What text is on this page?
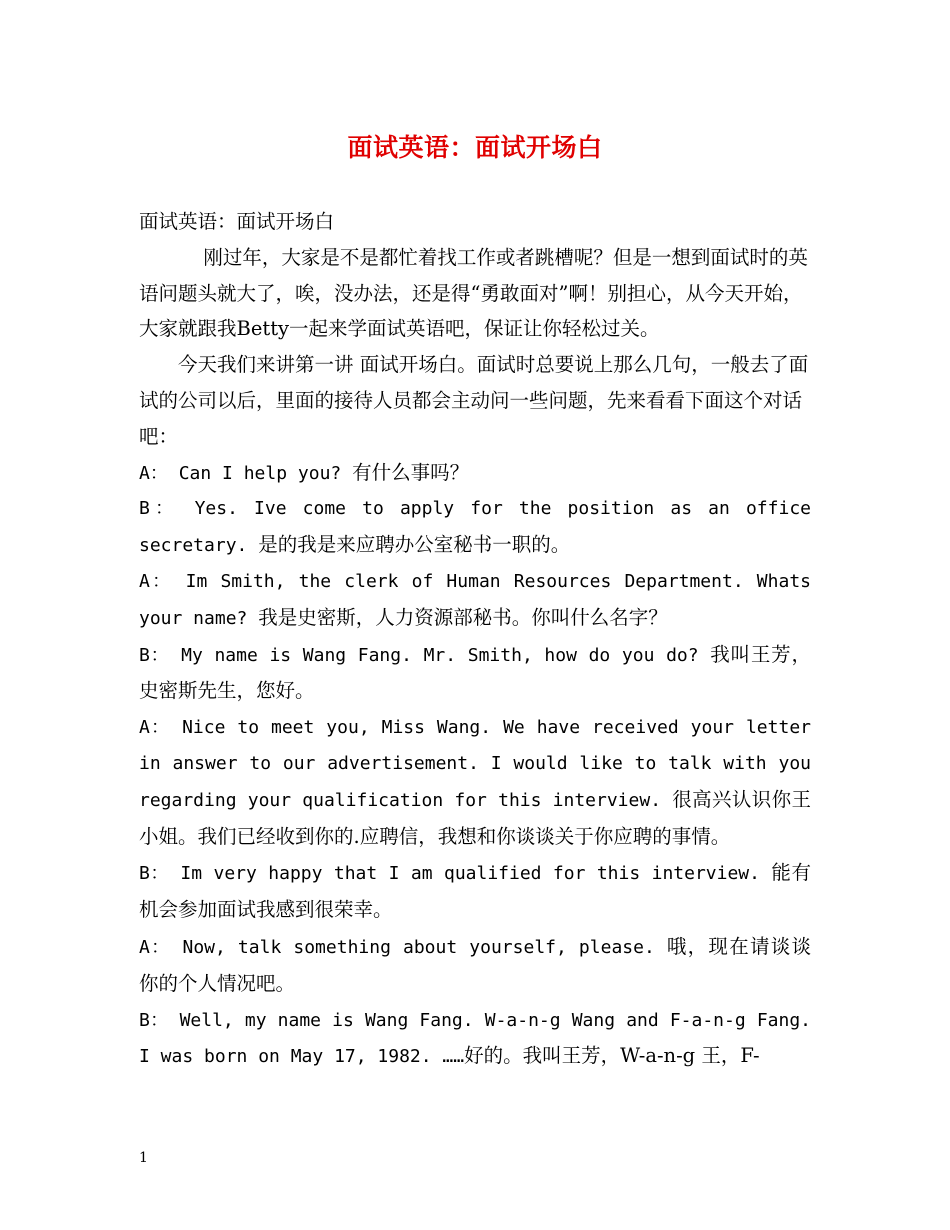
面试英语：面试开场白

面试英语：面试开场白

刚过年，大家是不是都忙着找工作或者跳槽呢？但是一想到面试时的英语问题头就大了，唉，没办法，还是得“勇敢面对”啊！别担心，从今天开始，大家就跟我Betty一起来学面试英语吧，保证让你轻松过关。

今天我们来讲第一讲 面试开场白。面试时总要说上那么几句，一般去了面试的公司以后，里面的接待人员都会主动问一些问题，先来看看下面这个对话吧：

A： Can I help you? 有什么事吗？

B： Yes. Ive come to apply for the position as an office secretary. 是的我是来应聘办公室秘书一职的。

A： Im Smith, the clerk of Human Resources Department. Whats your name? 我是史密斯，人力资源部秘书。你叫什么名字？

B： My name is Wang Fang. Mr. Smith, how do you do? 我叫王芳，史密斯先生，您好。

A： Nice to meet you, Miss Wang. We have received your letter in answer to our advertisement. I would like to talk with you regarding your qualification for this interview. 很高兴认识你王小姐。我们已经收到你的.应聘信，我想和你谈谈关于你应聘的事情。

B： Im very happy that I am qualified for this interview. 能有机会参加面试我感到很荣幸。

A： Now, talk something about yourself, please. 哦，现在请谈谈你的个人情况吧。

B： Well, my name is Wang Fang. W-a-n-g Wang and F-a-n-g Fang. I was born on May 17, 1982. ……好的。我叫王芳，W-a-n-g 王，F-

1
